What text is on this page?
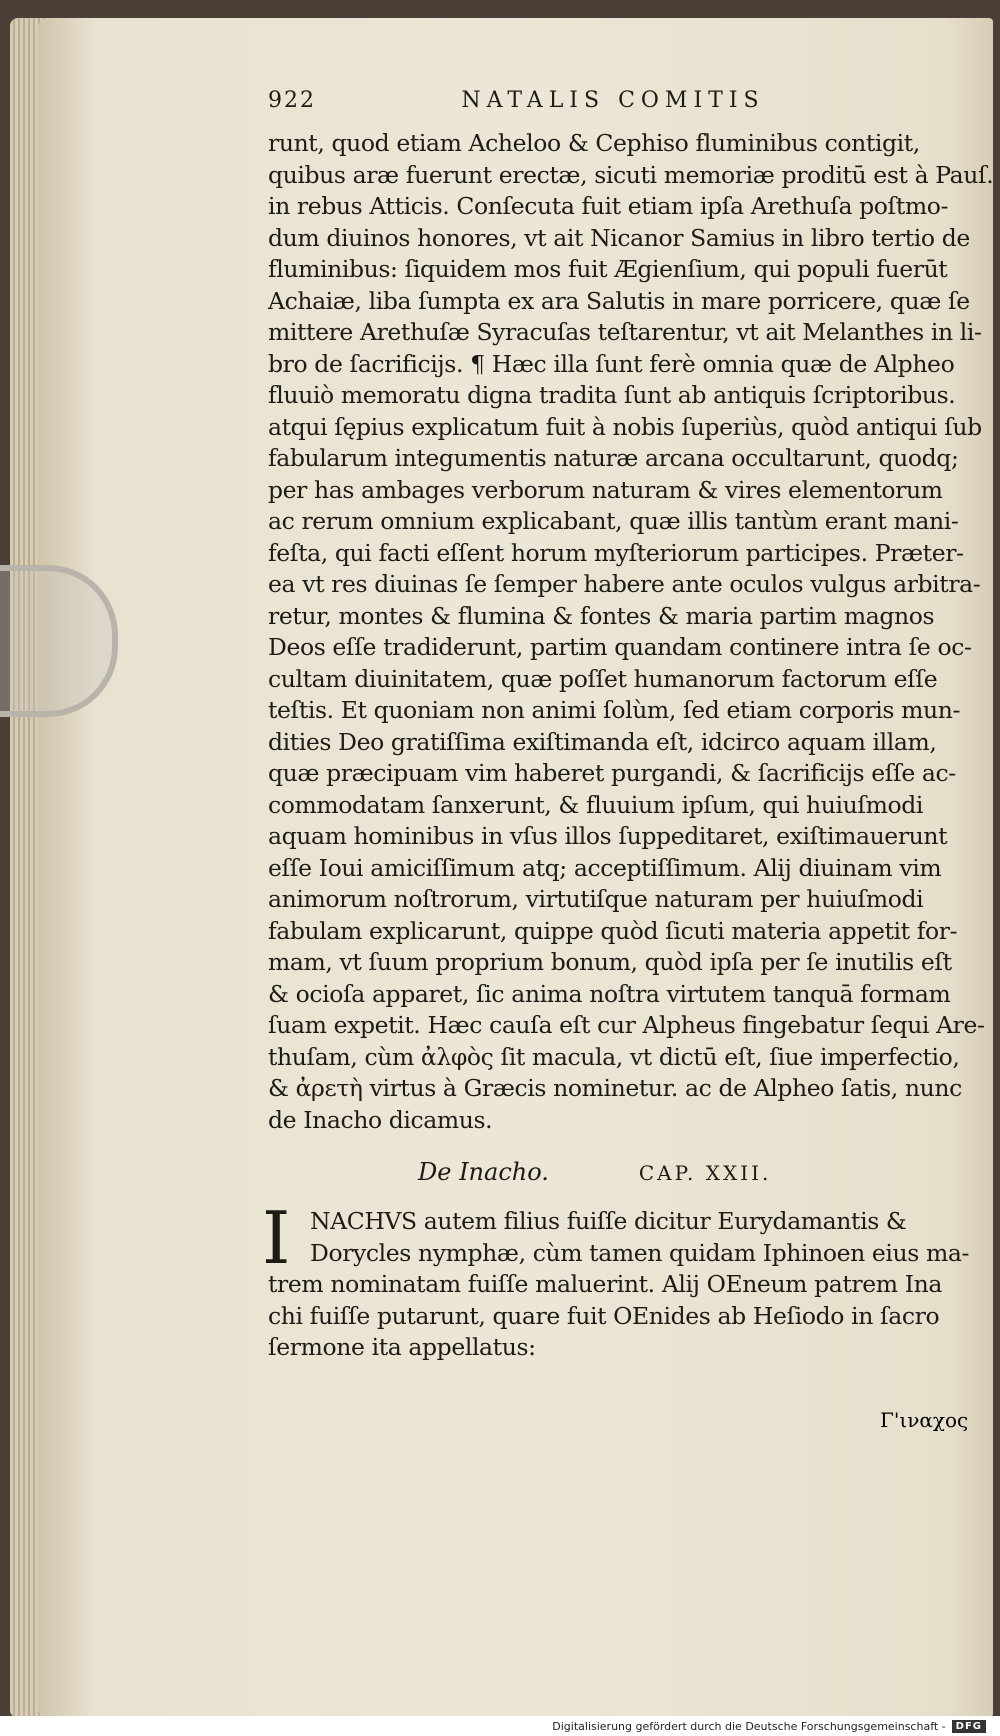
922	NATALIS COMITIS
runt, quod etiam Acheloo & Cephiso fluminibus contigit,
quibus aræ fuerunt erectæ, sicuti memoriæ proditū est à Pauſ.
in rebus Atticis. Conſecuta fuit etiam ipſa Arethuſa poſtmo-
dum diuinos honores, vt ait Nicanor Samius in libro tertio de
fluminibus: ſiquidem mos fuit Ægienſium, qui populi fuerūt
Achaiæ, liba ſumpta ex ara Salutis in mare porricere, quæ ſe
mittere Arethuſæ Syracuſas teſtarentur, vt ait Melanthes in li-
bro de ſacrificijs. ¶ Hæc illa ſunt ferè omnia quæ de Alpheo
fluuiò memoratu digna tradita ſunt ab antiquis ſcriptoribus.
atqui ſępius explicatum fuit à nobis ſuperiùs, quòd antiqui ſub
fabularum integumentis naturæ arcana occultarunt, quodq;
per has ambages verborum naturam & vires elementorum
ac rerum omnium explicabant, quæ illis tantùm erant mani-
feſta, qui facti eſſent horum myſteriorum participes. Præter-
ea vt res diuinas ſe ſemper habere ante oculos vulgus arbitra-
retur, montes & flumina & fontes & maria partim magnos
Deos eſſe tradiderunt, partim quandam continere intra ſe oc-
cultam diuinitatem, quæ poſſet humanorum factorum eſſe
teſtis. Et quoniam non animi ſolùm, ſed etiam corporis mun-
dities Deo gratiſſima exiſtimanda eſt, idcirco aquam illam,
quæ præcipuam vim haberet purgandi, & ſacrificijs eſſe ac-
commodatam ſanxerunt, & fluuium ipſum, qui huiuſmodi
aquam hominibus in vſus illos ſuppeditaret, exiſtimauerunt
eſſe Ioui amiciſſimum atq; acceptiſſimum. Alij diuinam vim
animorum noſtrorum, virtutiſque naturam per huiuſmodi
fabulam explicarunt, quippe quòd ſicuti materia appetit for-
mam, vt ſuum proprium bonum, quòd ipſa per ſe inutilis eſt
& ocioſa apparet, ſic anima noſtra virtutem tanquā formam
ſuam expetit. Hæc cauſa eſt cur Alpheus fingebatur ſequi Are-
thuſam, cùm ἀλφὸς ſit macula, vt dictū eſt, ſiue imperfectio,
& ἀρετὴ virtus à Græcis nominetur. ac de Alpheo ſatis, nunc
de Inacho dicamus.
De Inacho.	CAP. XXII.
I NACHVS autem filius fuiſſe dicitur Eurydamantis &
Dorycles nymphæ, cùm tamen quidam Iphinoen eius ma-
trem nominatam fuiſſe maluerint. Alij OEneum patrem Ina
chi fuiſſe putarunt, quare fuit OEnides ab Heſiodo in ſacro
ſermone ita appellatus:
Γ'ιναχος
Digitalisierung gefördert durch die Deutsche Forschungsgemeinschaft -	DFG
